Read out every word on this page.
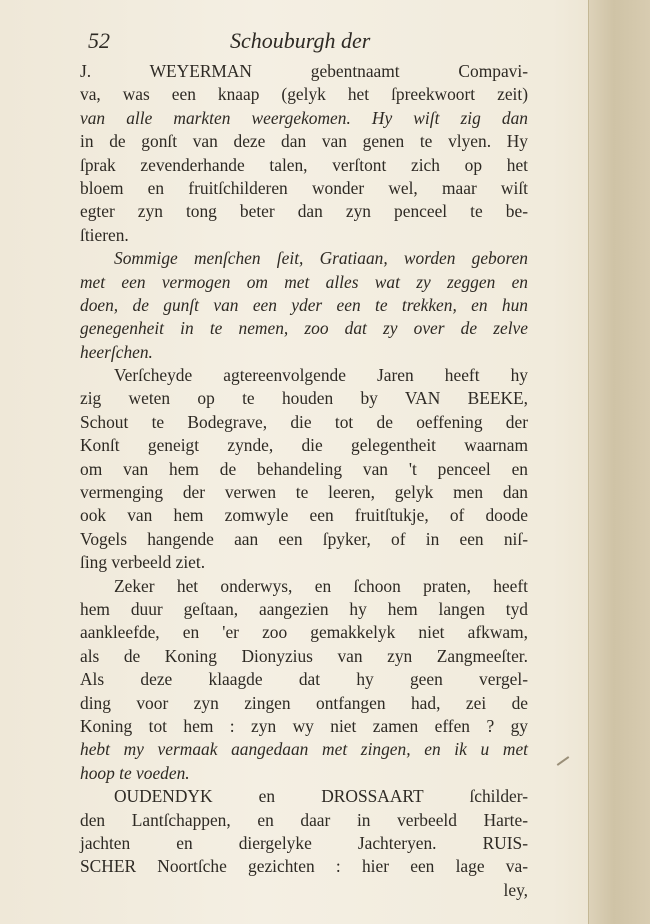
52	Schouburgh der
J. WEYERMAN gebentnaamt Compavi-
va, was een knaap (gelyk het ſpreekwoort zeit)
van alle markten weergekomen. Hy wiſt zig dan
in de gonſt van deze dan van genen te vlyen. Hy
ſprak zevenderhande talen, verſtont zich op het
bloem en fruitſchilderen wonder wel, maar wiſt
egter zyn tong beter dan zyn penceel te be-
ſtieren.
Sommige menſchen ſeit, Gratiaan, worden geboren
met een vermogen om met alles wat zy zeggen en
doen, de gunſt van een yder een te trekken, en hun
genegenheit in te nemen, zoo dat zy over de zelve
heerſchen.
Verſcheyde agtereenvolgende Jaren heeft hy
zig weten op te houden by VAN BEEKE,
Schout te Bodegrave, die tot de oeffening der
Konſt geneigt zynde, die gelegentheit waarnam
om van hem de behandeling van 't penceel en
vermenging der verwen te leeren, gelyk men dan
ook van hem zomwyle een fruitſtukje, of doode
Vogels hangende aan een ſpyker, of in een niſ-
ſing verbeeld ziet.
Zeker het onderwys, en ſchoon praten, heeft
hem duur geſtaan, aangezien hy hem langen tyd
aankleefde, en 'er zoo gemakkelyk niet afkwam,
als de Koning Dionyzius van zyn Zangmeeſter.
Als deze klaagde dat hy geen vergel-
ding voor zyn zingen ontfangen had, zei de
Koning tot hem : zyn wy niet zamen effen ? gy
hebt my vermaak aangedaan met zingen, en ik u met
hoop te voeden.
OUDENDYK en DROSSAART ſchilder-
den Lantſchappen, en daar in verbeeld Harte-
jachten en diergelyke Jachteryen. RUIS-
SCHER Noortſche gezichten : hier een lage va-
ley,
